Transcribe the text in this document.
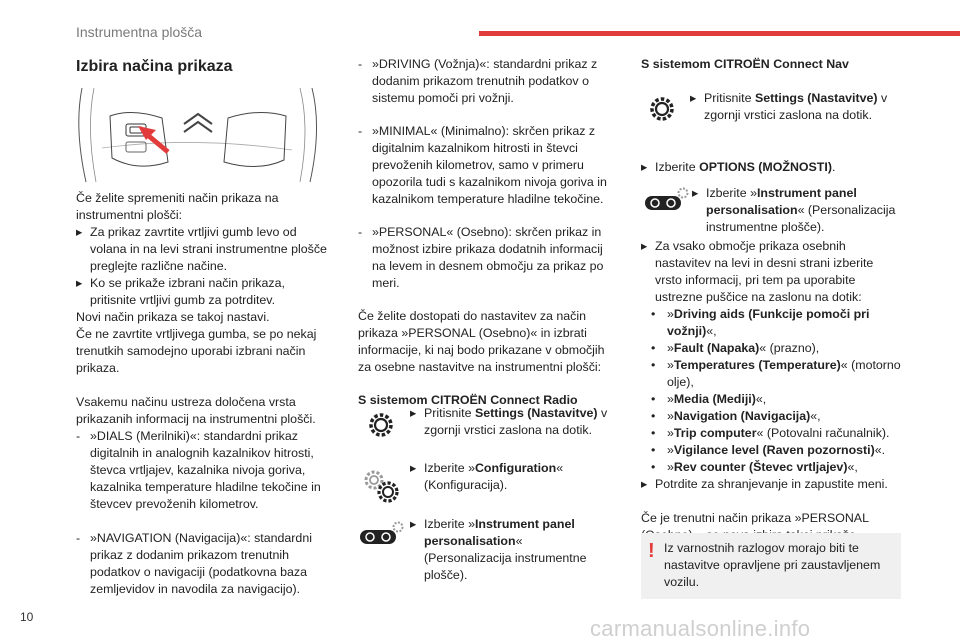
Instrumentna plošča
Izbira načina prikaza

Če želite spremeniti način prikaza na instrumentni plošči:

▸ Za prikaz zavrtite vrtljivi gumb levo od volana in na levi strani instrumentne plošče preglejte različne načine.

▸ Ko se prikaže izbrani način prikaza, pritisnite vrtljivi gumb za potrditev.

Novi način prikaza se takoj nastavi.

Če ne zavrtite vrtljivega gumba, se po nekaj trenutkih samodejno uporabi izbrani način prikaza.

Vsakemu načinu ustreza določena vrsta prikazanih informacij na instrumentni plošči.

- »DIALS (Merilniki)«: standardni prikaz digitalnih in analognih kazalnikov hitrosti, števca vrtljajev, kazalnika nivoja goriva, kazalnika temperature hladilne tekočine in števcev prevoženih kilometrov.

- »NAVIGATION (Navigacija)«: standardni prikaz z dodanim prikazom trenutnih podatkov o navigaciji (podatkovna baza zemljevidov in navodila za navigacijo).

- »DRIVING (Vožnja)«: standardni prikaz z dodanim prikazom trenutnih podatkov o sistemu pomoči pri vožnji.

- »MINIMAL« (Minimalno): skrčen prikaz z digitalnim kazalnikom hitrosti in števci prevoženih kilometrov, samo v primeru opozorila tudi s kazalnikom nivoja goriva in kazalnikom temperature hladilne tekočine.

- »PERSONAL« (Osebno): skrčen prikaz in možnost izbire prikaza dodatnih informacij na levem in desnem območju za prikaz po meri.

Če želite dostopati do nastavitev za način prikaza »PERSONAL (Osebno)« in izbrati informacije, ki naj bodo prikazane v območjih za osebne nastavitve na instrumentni plošči:

S sistemom CITROËN Connect Radio

▸ Pritisnite Settings (Nastavitve) v zgornji vrstici zaslona na dotik.

▸ Izberite »Configuration« (Konfiguracija).

▸ Izberite »Instrument panel personalisation« (Personalizacija instrumentne plošče).

S sistemom CITROËN Connect Nav

▸ Pritisnite Settings (Nastavitve) v zgornji vrstici zaslona na dotik.

▸ Izberite OPTIONS (MOŽNOSTI).

▸ Izberite »Instrument panel personalisation« (Personalizacija instrumentne plošče).

▸ Za vsako območje prikaza osebnih nastavitev na levi in desni strani izberite vrsto informacij, pri tem pa uporabite ustrezne puščice na zaslonu na dotik:

• »Driving aids (Funkcije pomoči pri vožnji)«,

• »Fault (Napaka)« (prazno),

• »Temperatures (Temperature)« (motorno olje),

• »Media (Mediji)«,

• »Navigation (Navigacija)«,

• »Trip computer« (Potovalni računalnik).

• »Vigilance level (Raven pozornosti)«.

• »Rev counter (Števec vrtljajev)«,

▸ Potrdite za shranjevanje in zapustite meni.

Če je trenutni način prikaza »PERSONAL

! Iz varnostnih razlogov morajo biti te nastavitve opravljene pri zaustavljenem vozilu.
10	carmanualsonline.info
